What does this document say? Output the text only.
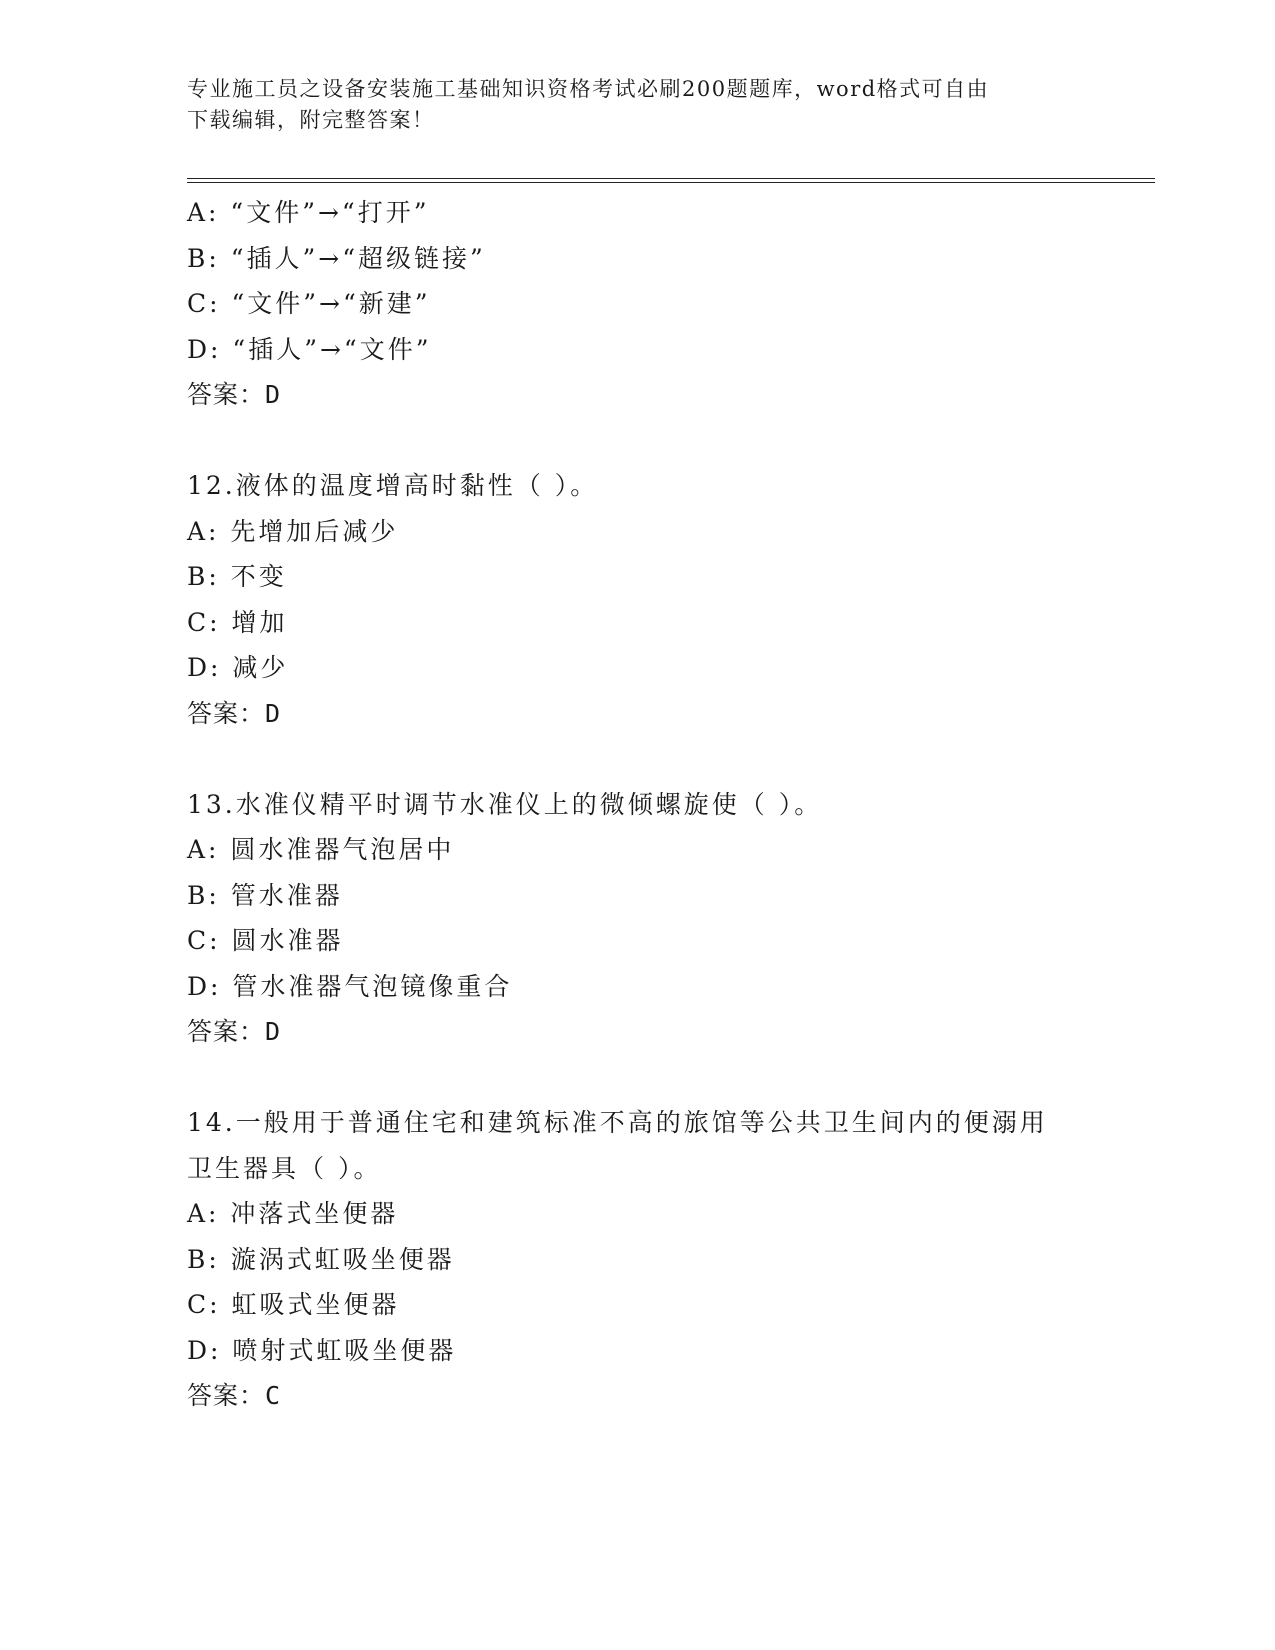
专业施工员之设备安装施工基础知识资格考试必刷200题题库，word格式可自由
下载编辑，附完整答案！
A: “文件”→“打开”
B: “插人”→“超级链接”
C: “文件”→“新建”
D: “插人”→“文件”
答案：D
12.液体的温度增高时黏性（ ）。
A: 先增加后减少
B: 不变
C: 增加
D: 减少
答案：D
13.水准仪精平时调节水准仪上的微倾螺旋使（ ）。
A: 圆水准器气泡居中
B: 管水准器
C: 圆水准器
D: 管水准器气泡镜像重合
答案：D
14.一般用于普通住宅和建筑标准不高的旅馆等公共卫生间内的便溺用
卫生器具（ ）。
A: 冲落式坐便器
B: 漩涡式虹吸坐便器
C: 虹吸式坐便器
D: 喷射式虹吸坐便器
答案：C
